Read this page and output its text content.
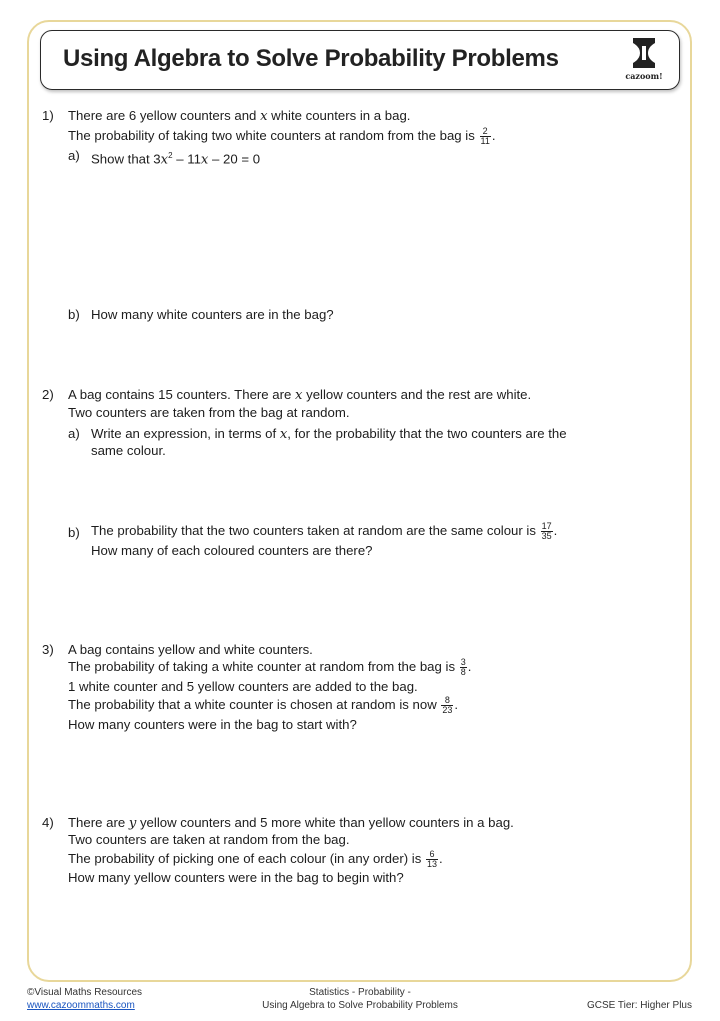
Using Algebra to Solve Probability Problems
cazoom!
1) There are 6 yellow counters and x white counters in a bag.
The probability of taking two white counters at random from the bag is $\frac{2}{11}$ .
a) Show that $3x^2 - 11x - 20 = 0$
b) How many white counters are in the bag?
2) A bag contains 15 counters. There are x yellow counters and the rest are white.
Two counters are taken from the bag at random.
a) Write an expression, in terms of x, for the probability that the two counters are the
same colour.
b) The probability that the two counters taken at random are the same colour is $\frac{17}{35}$ .
How many of each coloured counters are there?
3) A bag contains yellow and white counters.
The probability of taking a white counter at random from the bag is $\frac{3}{8}$ .
1 white counter and 5 yellow counters are added to the bag.
The probability that a white counter is chosen at random is now $\frac{8}{23}$ .
How many counters were in the bag to start with?
4) There are y yellow counters and 5 more white than yellow counters in a bag.
Two counters are taken at random from the bag.
The probability of picking one of each colour (in any order) is $\frac{6}{13}$ .
How many yellow counters were in the bag to begin with?
©Visual Maths Resources
www.cazoommaths.com
Statistics - Probability -
Using Algebra to Solve Probability Problems	GCSE Tier: Higher Plus
